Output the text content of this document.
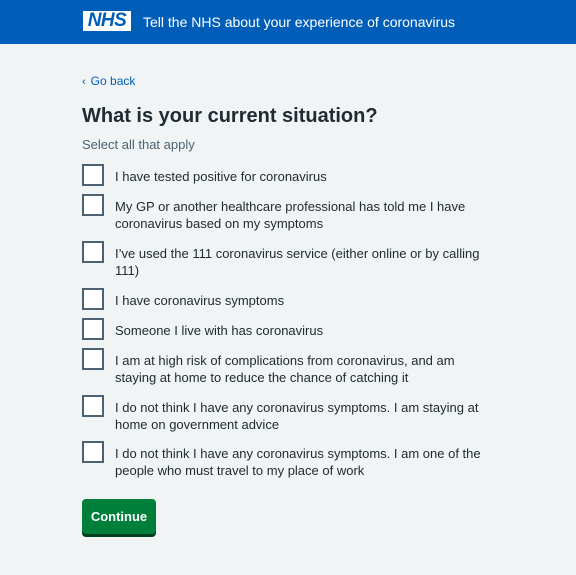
NHS	Tell the NHS about your experience of coronavirus
‹ Go back
What is your current situation?
Select all that apply
I have tested positive for coronavirus
My GP or another healthcare professional has told me I have coronavirus based on my symptoms
I’ve used the 111 coronavirus service (either online or by calling 111)
I have coronavirus symptoms
Someone I live with has coronavirus
I am at high risk of complications from coronavirus, and am staying at home to reduce the chance of catching it
I do not think I have any coronavirus symptoms. I am staying at home on government advice
I do not think I have any coronavirus symptoms. I am one of the people who must travel to my place of work
Continue
